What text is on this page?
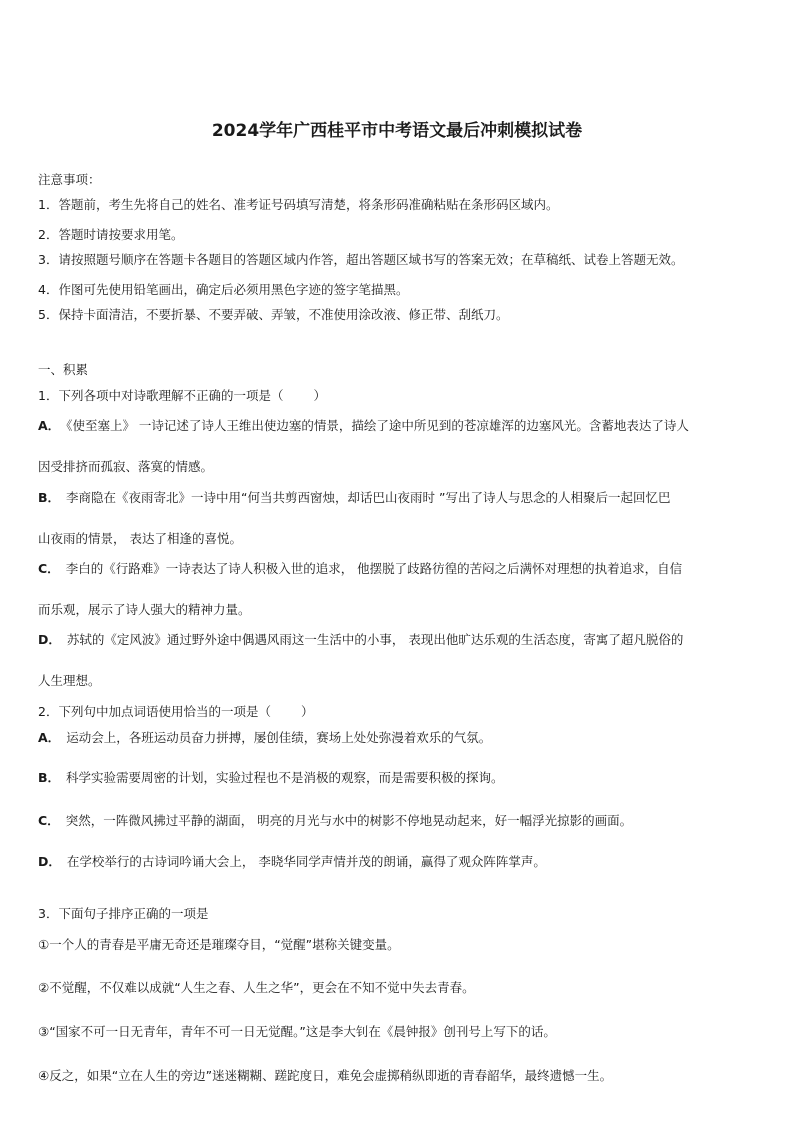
2024学年广西桂平市中考语文最后冲刺模拟试卷
注意事项：
1．答题前，考生先将自己的姓名、准考证号码填写清楚，将条形码准确粘贴在条形码区域内。
2．答题时请按要求用笔。
3．请按照题号顺序在答题卡各题目的答题区域内作答，超出答题区域书写的答案无效；在草稿纸、试卷上答题无效。
4．作图可先使用铅笔画出，确定后必须用黑色字迹的签字笔描黑。
5．保持卡面清洁，不要折暴、不要弄破、弄皱，不准使用涂改液、修正带、刮纸刀。
一、积累
1．下列各项中对诗歌理解不正确的一项是（ ）
A． 《使至塞上》 一诗记述了诗人王维出使边塞的情景，描绘了途中所见到的苍凉雄浑的边塞风光。含蓄地表达了诗人
因受排挤而孤寂、落寞的情感。
B． 李商隐在《夜雨寄北》一诗中用“何当共剪西窗烛，却话巴山夜雨时 ”写出了诗人与思念的人相聚后一起回忆巴
山夜雨的情景， 表达了相逢的喜悦。
C． 李白的《行路难》一诗表达了诗人积极入世的追求， 他摆脱了歧路彷徨的苦闷之后满怀对理想的执着追求，自信
而乐观，展示了诗人强大的精神力量。
D． 苏轼的《定风波》通过野外途中偶遇风雨这一生活中的小事， 表现出他旷达乐观的生活态度，寄寓了超凡脱俗的
人生理想。
2．下列句中加点词语使用恰当的一项是（ ）
A． 运动会上，各班运动员奋力拼搏，屡创佳绩，赛场上处处弥漫着欢乐的气氛。
B． 科学实验需要周密的计划，实验过程也不是消极的观察，而是需要积极的探询。
C． 突然，一阵微风拂过平静的湖面， 明亮的月光与水中的树影不停地晃动起来，好一幅浮光掠影的画面。
D． 在学校举行的古诗词吟诵大会上， 李晓华同学声情并茂的朗诵，赢得了观众阵阵掌声。
3．下面句子排序正确的一项是
①一个人的青春是平庸无奇还是璀璨夺目，“觉醒”堪称关键变量。
②不觉醒，不仅难以成就“人生之春、人生之华”，更会在不知不觉中失去青春。
③“国家不可一日无青年，青年不可一日无觉醒。”这是李大钊在《晨钟报》创刊号上写下的话。
④反之，如果“立在人生的旁边”迷迷糊糊、蹉跎度日，难免会虚掷稍纵即逝的青春韶华，最终遗憾一生。
